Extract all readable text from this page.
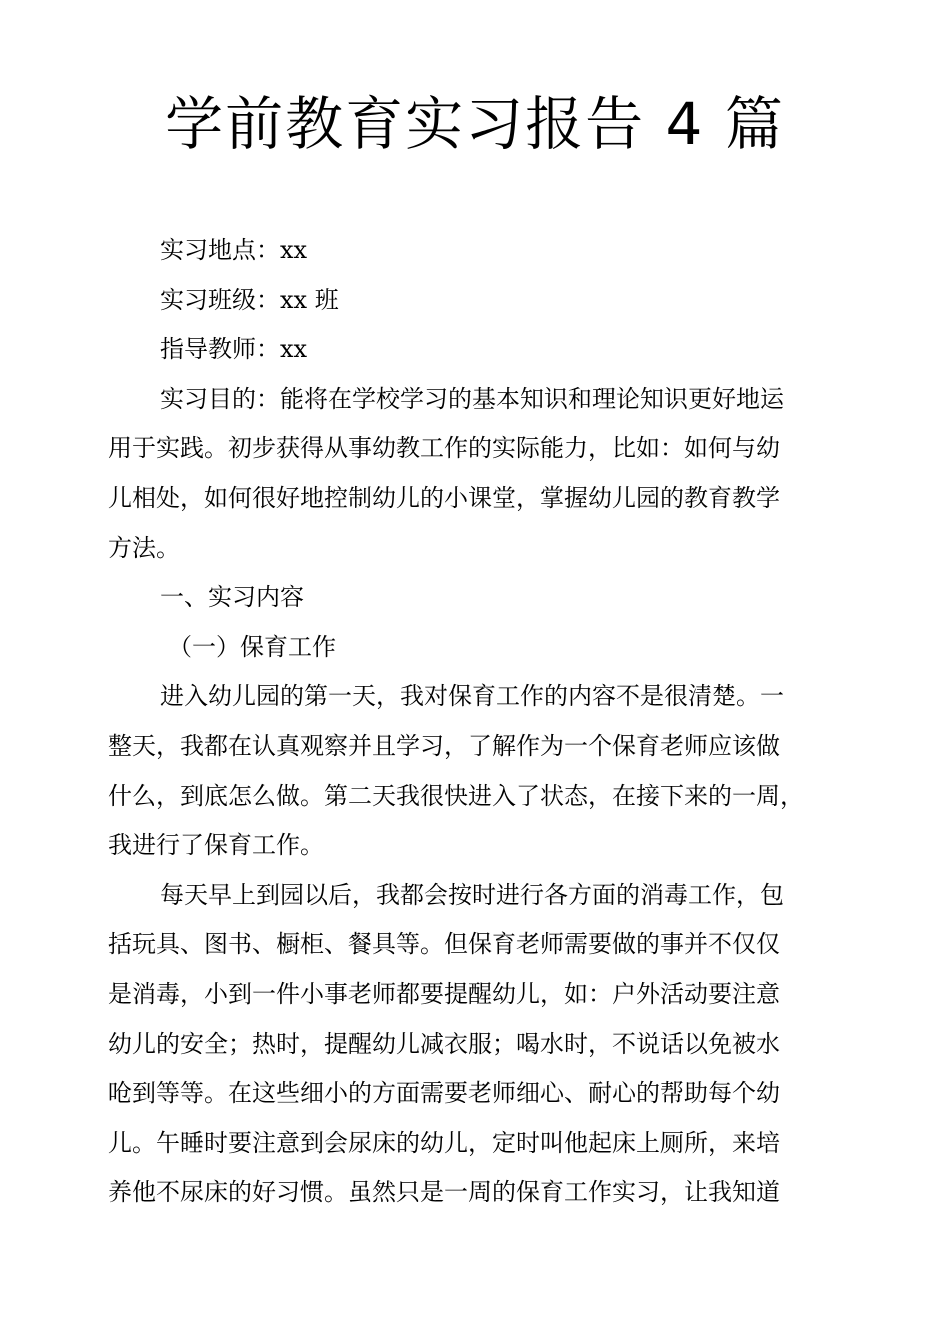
学前教育实习报告 4 篇
实习地点：xx
实习班级：xx 班
指导教师：xx
实习目的：能将在学校学习的基本知识和理论知识更好地运
用于实践。初步获得从事幼教工作的实际能力，比如：如何与幼
儿相处，如何很好地控制幼儿的小课堂，掌握幼儿园的教育教学
方法。
一、实习内容
（一）保育工作
进入幼儿园的第一天，我对保育工作的内容不是很清楚。一
整天，我都在认真观察并且学习，了解作为一个保育老师应该做
什么，到底怎么做。第二天我很快进入了状态，在接下来的一周，
我进行了保育工作。
每天早上到园以后，我都会按时进行各方面的消毒工作，包
括玩具、图书、橱柜、餐具等。但保育老师需要做的事并不仅仅
是消毒，小到一件小事老师都要提醒幼儿，如：户外活动要注意
幼儿的安全；热时，提醒幼儿减衣服；喝水时，不说话以免被水
呛到等等。在这些细小的方面需要老师细心、耐心的帮助每个幼
儿。午睡时要注意到会尿床的幼儿，定时叫他起床上厕所，来培
养他不尿床的好习惯。虽然只是一周的保育工作实习，让我知道
